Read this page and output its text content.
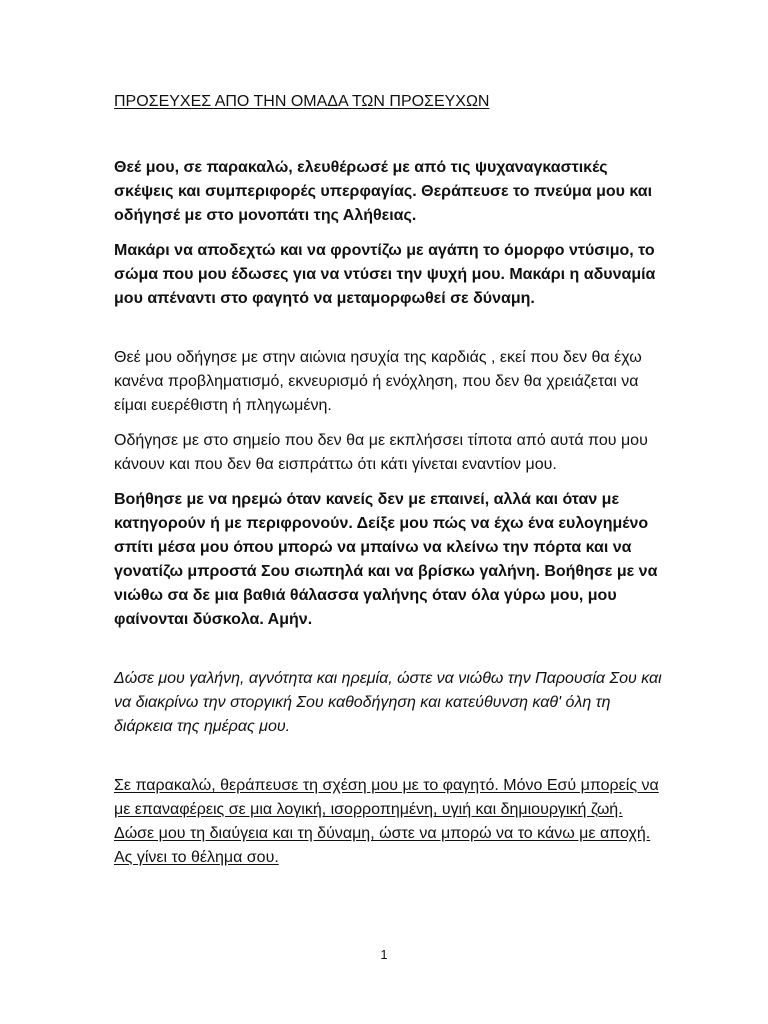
ΠΡΟΣΕΥΧΕΣ ΑΠΟ ΤΗΝ ΟΜΑΔΑ ΤΩΝ ΠΡΟΣΕΥΧΩΝ

Θεέ μου, σε παρακαλώ, ελευθέρωσέ με από τις ψυχαναγκαστικές σκέψεις και συμπεριφορές υπερφαγίας. Θεράπευσε το πνεύμα μου και οδήγησέ με στο μονοπάτι της Αλήθειας.

Μακάρι να αποδεχτώ και να φροντίζω με αγάπη το όμορφο ντύσιμο, το σώμα που μου έδωσες για να ντύσει την ψυχή μου. Μακάρι η αδυναμία μου απέναντι στο φαγητό να μεταμορφωθεί σε δύναμη.

Θεέ μου οδήγησε με στην αιώνια ησυχία της καρδιάς , εκεί που δεν θα έχω κανένα προβληματισμό, εκνευρισμό ή ενόχληση, που δεν θα χρειάζεται να είμαι ευερέθιστη ή πληγωμένη.

Οδήγησε με στο σημείο που δεν θα με εκπλήσσει τίποτα από αυτά που μου κάνουν και που δεν θα εισπράττω ότι κάτι γίνεται εναντίον μου.

Βοήθησε με να ηρεμώ όταν κανείς δεν με επαινεί, αλλά και όταν με κατηγορούν ή με περιφρονούν. Δείξε μου πώς να έχω ένα ευλογημένο σπίτι μέσα μου όπου μπορώ να μπαίνω να κλείνω την πόρτα και να γονατίζω μπροστά Σου σιωπηλά και να βρίσκω γαλήνη. Βοήθησε με να νιώθω σα δε μια βαθιά θάλασσα γαλήνης όταν όλα γύρω μου, μου φαίνονται δύσκολα. Αμήν.

Δώσε μου γαλήνη, αγνότητα και ηρεμία, ώστε να νιώθω την Παρουσία Σου και να διακρίνω την στοργική Σου καθοδήγηση και κατεύθυνση καθ' όλη τη διάρκεια της ημέρας μου.

Σε παρακαλώ, θεράπευσε τη σχέση μου με το φαγητό. Μόνο Εσύ μπορείς να με επαναφέρεις σε μια λογική, ισορροπημένη, υγιή και δημιουργική ζωή. Δώσε μου τη διαύγεια και τη δύναμη, ώστε να μπορώ να το κάνω με αποχή. Ας γίνει το θέλημα σου.

1
